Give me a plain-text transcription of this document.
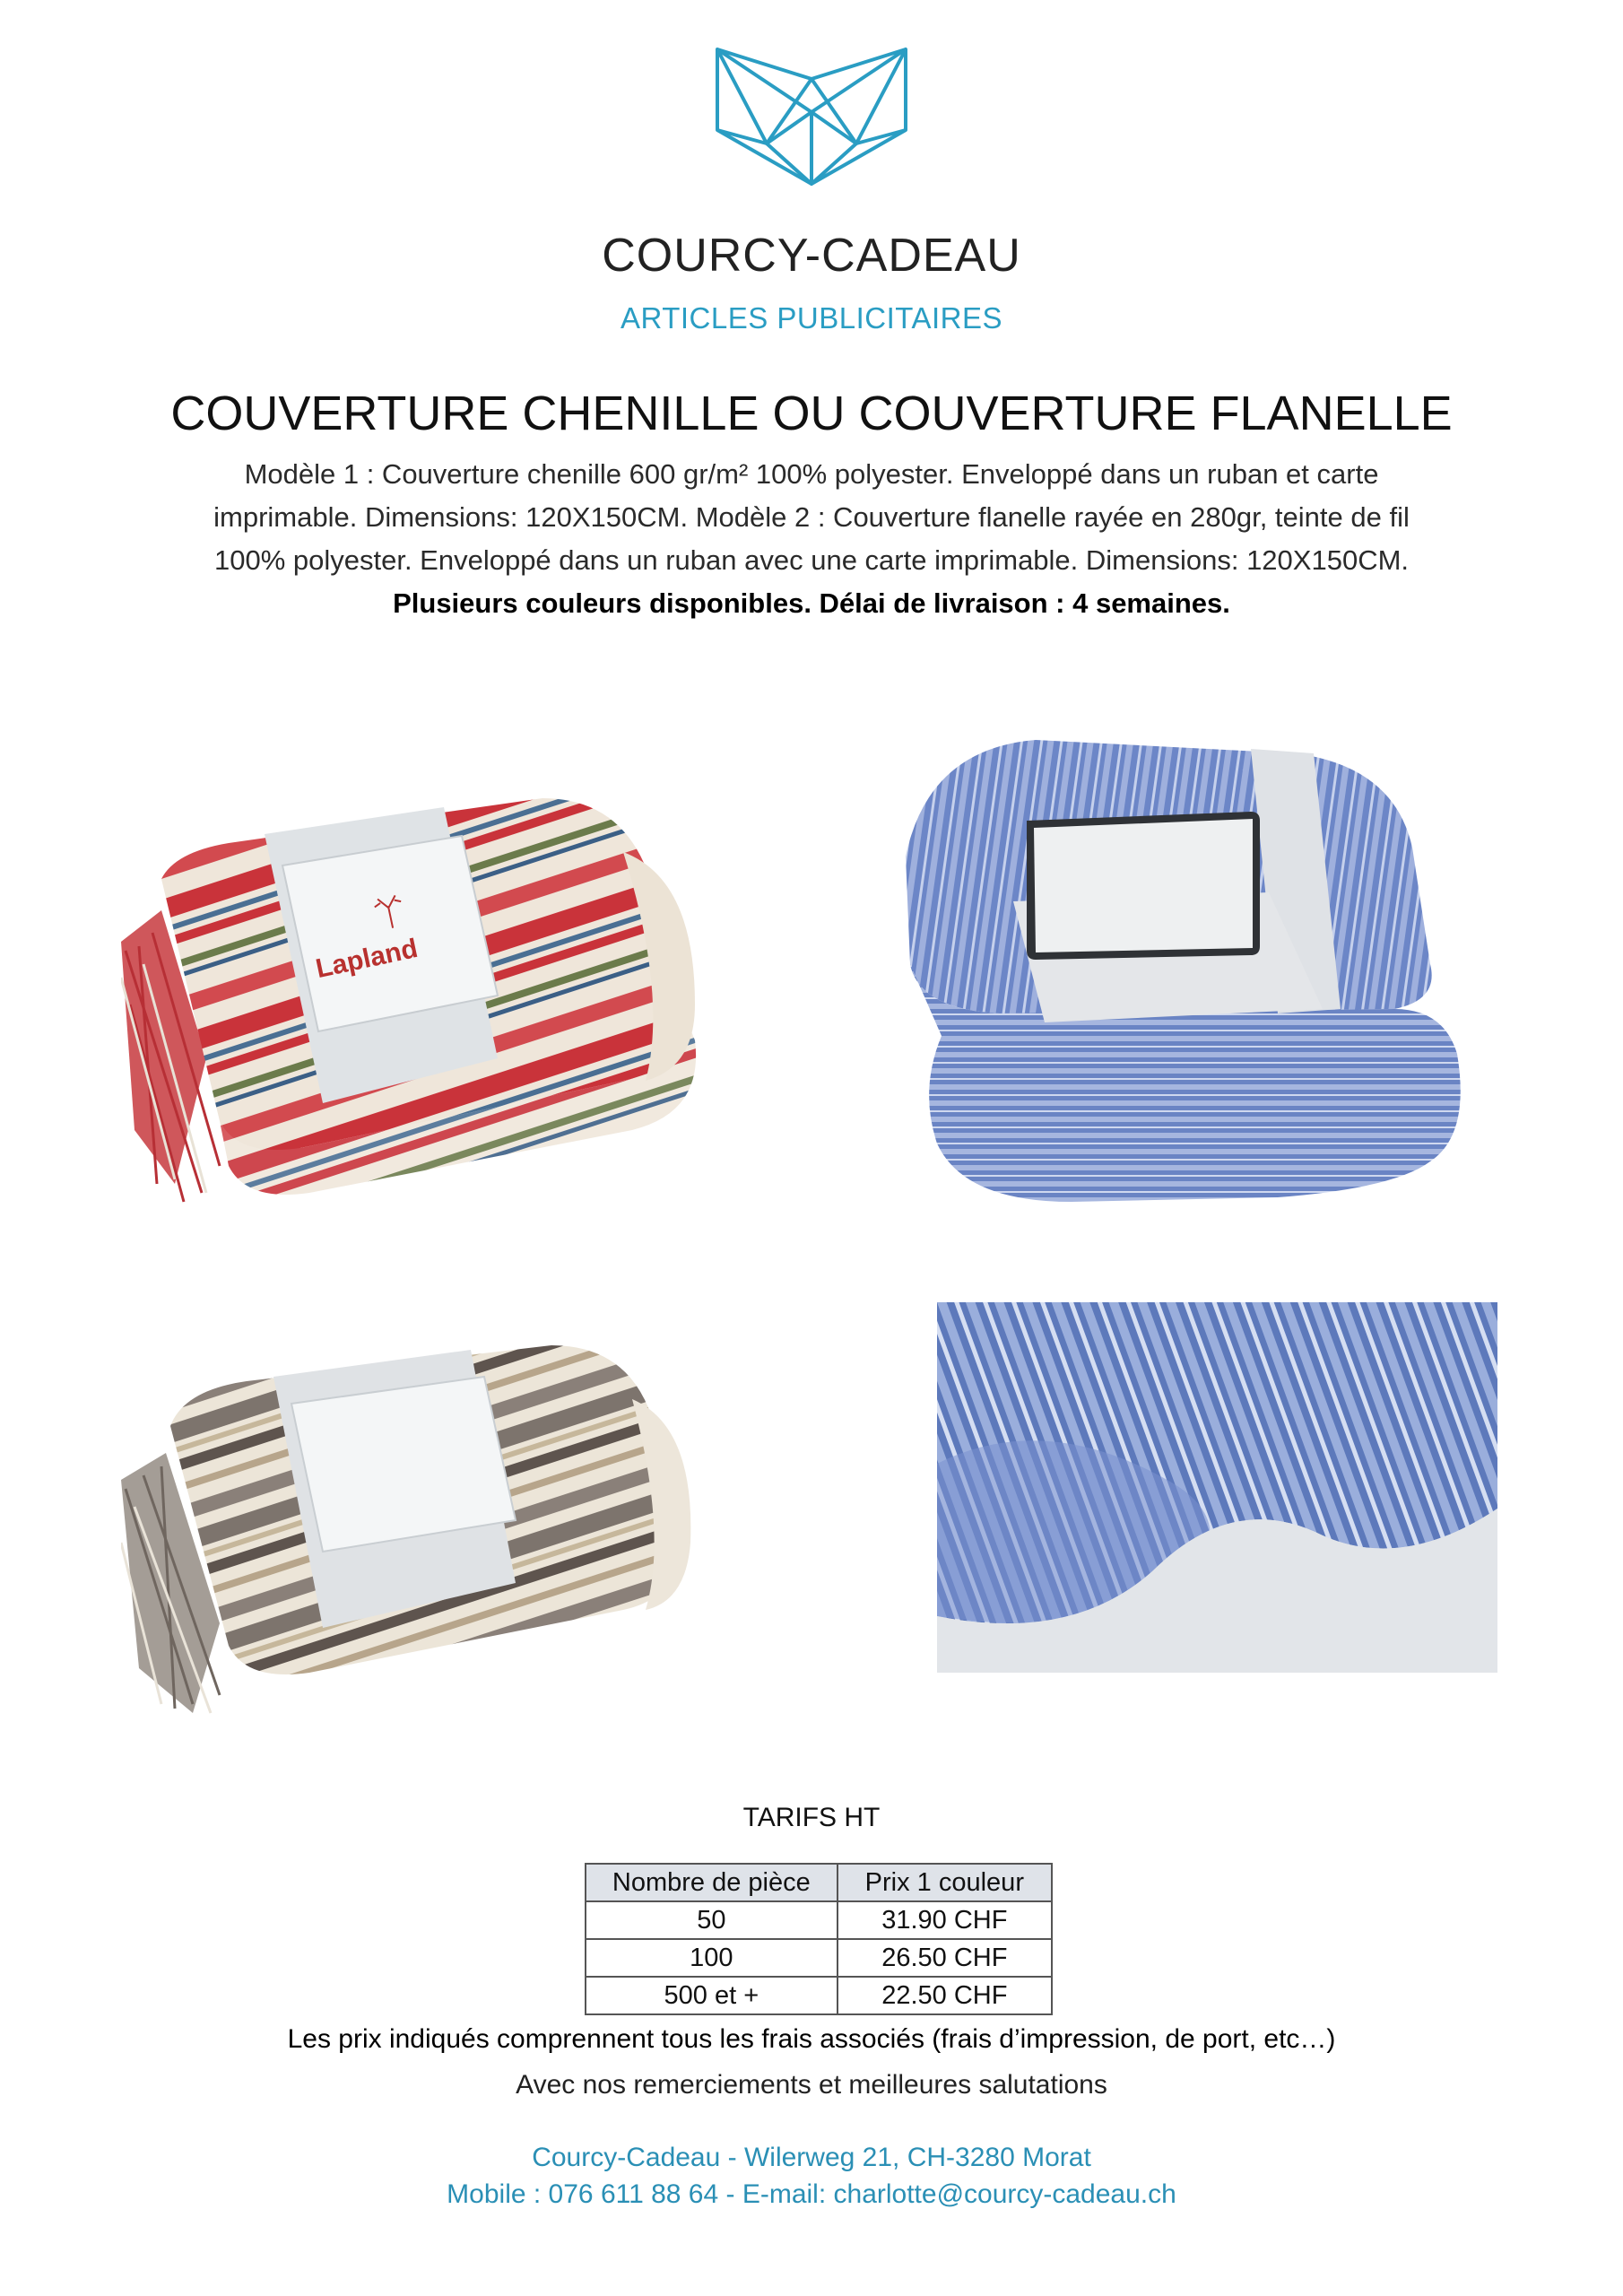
COURCY-CADEAU
ARTICLES PUBLICITAIRES
COUVERTURE CHENILLE OU COUVERTURE FLANELLE
Modèle 1 : Couverture chenille 600 gr/m² 100% polyester. Enveloppé dans un ruban et carte imprimable. Dimensions: 120X150CM. Modèle 2 : Couverture flanelle rayée en 280gr, teinte de fil 100% polyester. Enveloppé dans un ruban avec une carte imprimable. Dimensions: 120X150CM. Plusieurs couleurs disponibles. Délai de livraison : 4 semaines.
Lapland
TARIFS HT
Nombre de pièce	Prix 1 couleur
50	31.90 CHF
100	26.50 CHF
500 et +	22.50 CHF
Les prix indiqués comprennent tous les frais associés (frais d’impression, de port, etc…)
Avec nos remerciements et meilleures salutations
Courcy-Cadeau - Wilerweg 21, CH-3280 Morat
Mobile : 076 611 88 64 - E-mail: charlotte@courcy-cadeau.ch
